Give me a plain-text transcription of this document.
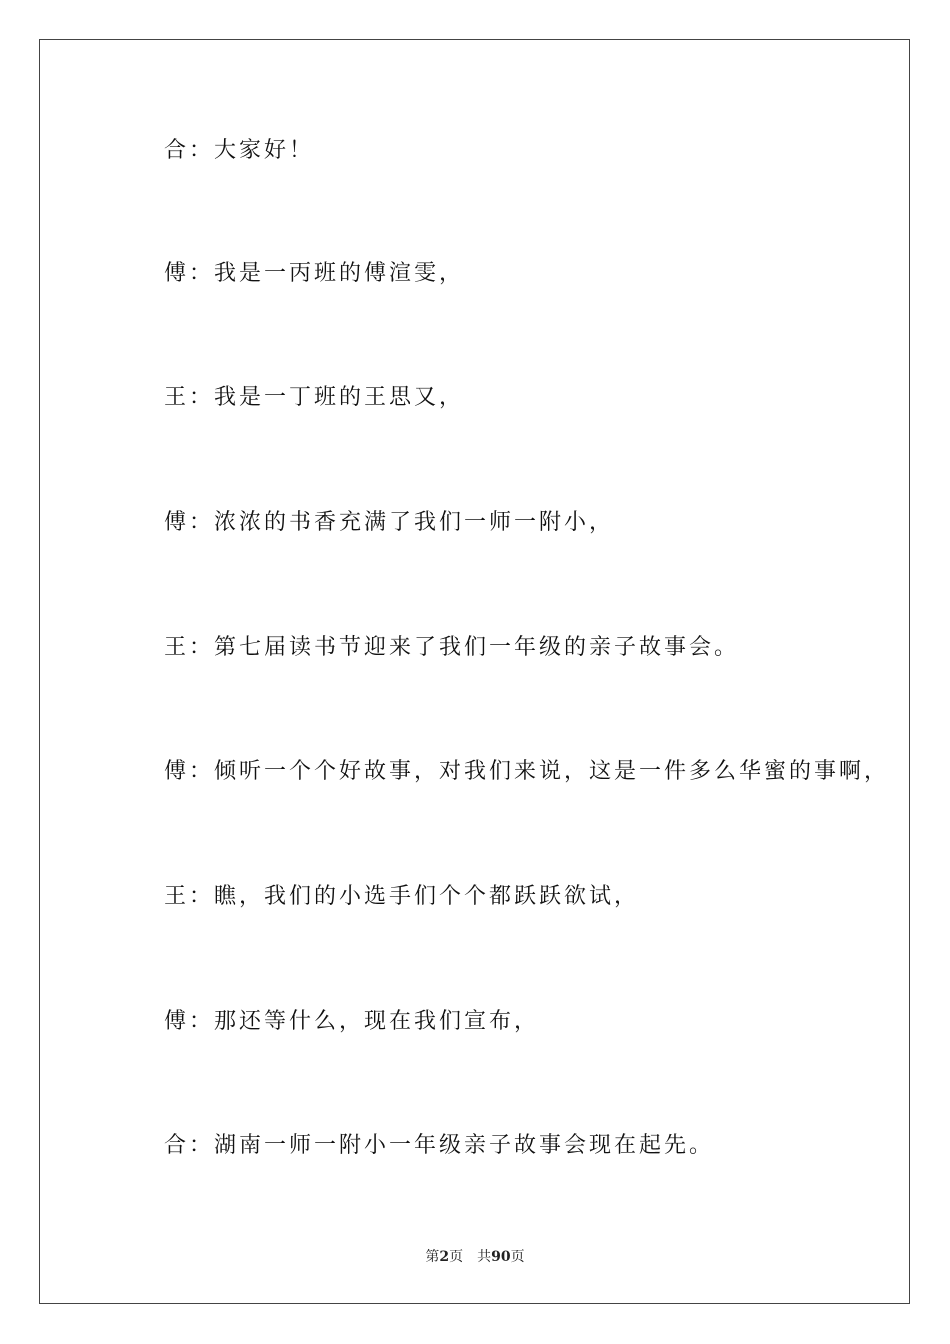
合：大家好！
傅：我是一丙班的傅渲雯，
王：我是一丁班的王思又，
傅：浓浓的书香充满了我们一师一附小，
王：第七届读书节迎来了我们一年级的亲子故事会。
傅：倾听一个个好故事，对我们来说，这是一件多么华蜜的事啊，
王：瞧，我们的小选手们个个都跃跃欲试，
傅：那还等什么，现在我们宣布，
合：湖南一师一附小一年级亲子故事会现在起先。
第2页 共90页
